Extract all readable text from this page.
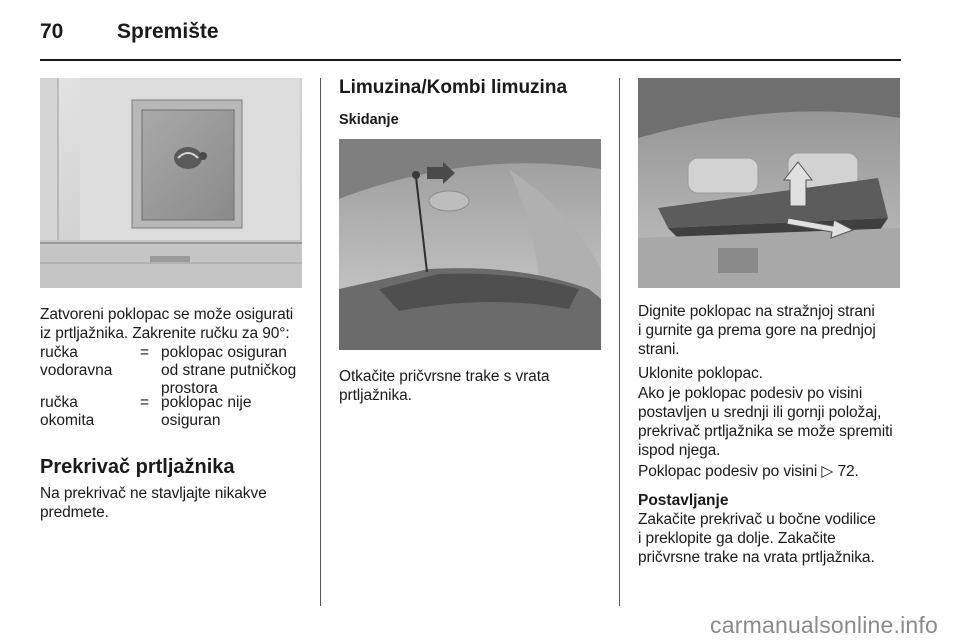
70	Spremište
Zatvoreni poklopac se može osigurati
iz prtljažnika. Zakrenite ručku za 90°:
ručka
vodoravna
= poklopac osiguran
od strane putničkog
prostora
ručka
okomita
= poklopac nije
osiguran
Prekrivač prtljažnika
Na prekrivač ne stavljajte nikakve
predmete.
Limuzina/Kombi limuzina
Skidanje
Otkačite pričvrsne trake s vrata
prtljažnika.
Dignite poklopac na stražnjoj strani
i gurnite ga prema gore na prednjoj
strani.
Uklonite poklopac.
Ako je poklopac podesiv po visini
postavljen u srednji ili gornji položaj,
prekrivač prtljažnika se može spremiti
ispod njega.
Poklopac podesiv po visini ▷ 72.
Postavljanje
Zakačite prekrivač u bočne vodilice
i preklopite ga dolje. Zakačite
pričvrsne trake na vrata prtljažnika.
carmanualsonline.info
